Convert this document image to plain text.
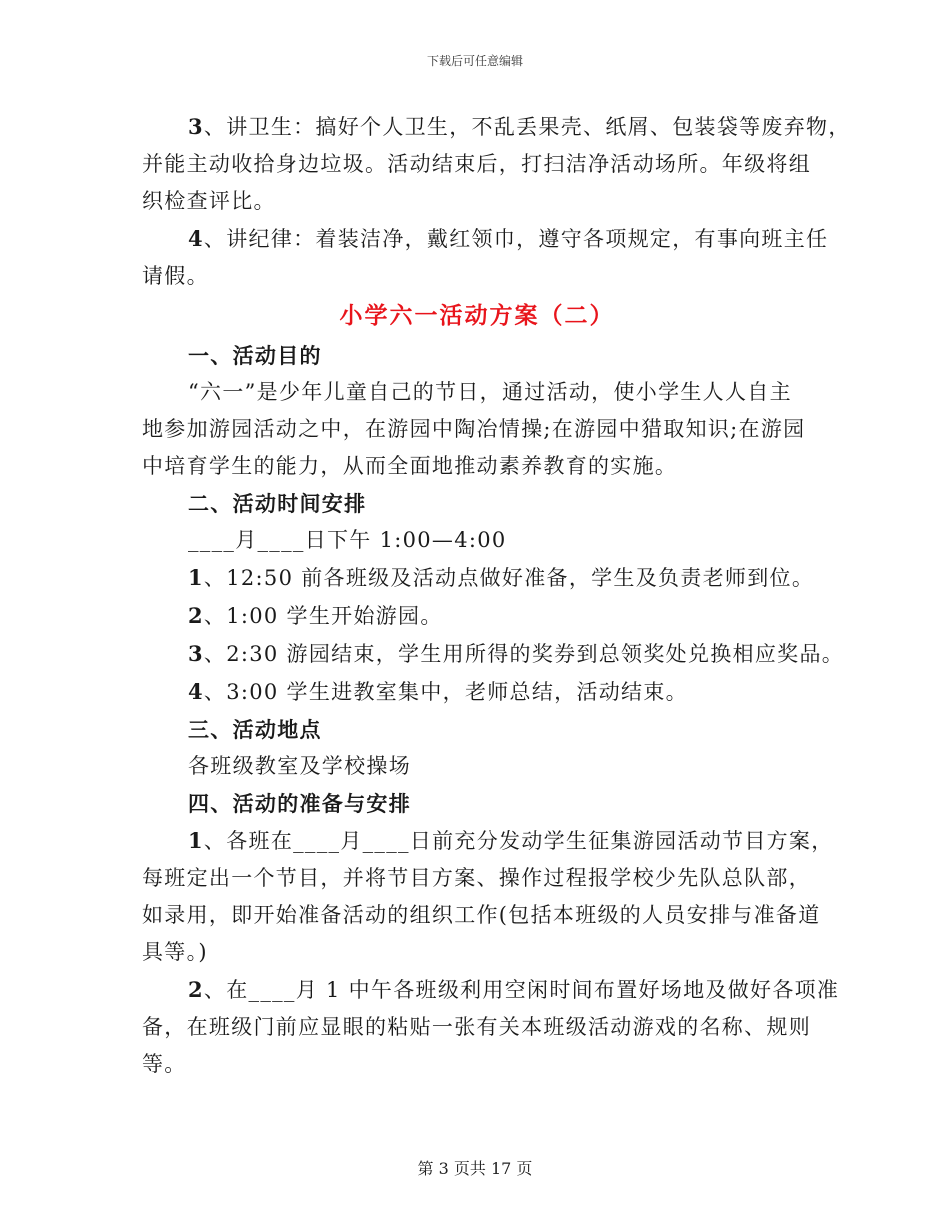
下载后可任意编辑
3、讲卫生：搞好个人卫生，不乱丢果壳、纸屑、包装袋等废弃物，
并能主动收拾身边垃圾。活动结束后，打扫洁净活动场所。年级将组
织检查评比。
4、讲纪律：着装洁净，戴红领巾，遵守各项规定，有事向班主任
请假。
小学六一活动方案（二）
一、活动目的
“六一”是少年儿童自己的节日，通过活动，使小学生人人自主
地参加游园活动之中，在游园中陶冶情操;在游园中猎取知识;在游园
中培育学生的能力，从而全面地推动素养教育的实施。
二、活动时间安排
____月____日下午 1:00—4:00
1、12:50 前各班级及活动点做好准备，学生及负责老师到位。
2、1:00 学生开始游园。
3、2:30 游园结束，学生用所得的奖券到总领奖处兑换相应奖品。
4、3:00 学生进教室集中，老师总结，活动结束。
三、活动地点
各班级教室及学校操场
四、活动的准备与安排
1、各班在____月____日前充分发动学生征集游园活动节目方案，
每班定出一个节目，并将节目方案、操作过程报学校少先队总队部，
如录用，即开始准备活动的组织工作(包括本班级的人员安排与准备道
具等。)
2、在____月 1 中午各班级利用空闲时间布置好场地及做好各项准
备，在班级门前应显眼的粘贴一张有关本班级活动游戏的名称、规则
等。
第 3 页共 17 页
